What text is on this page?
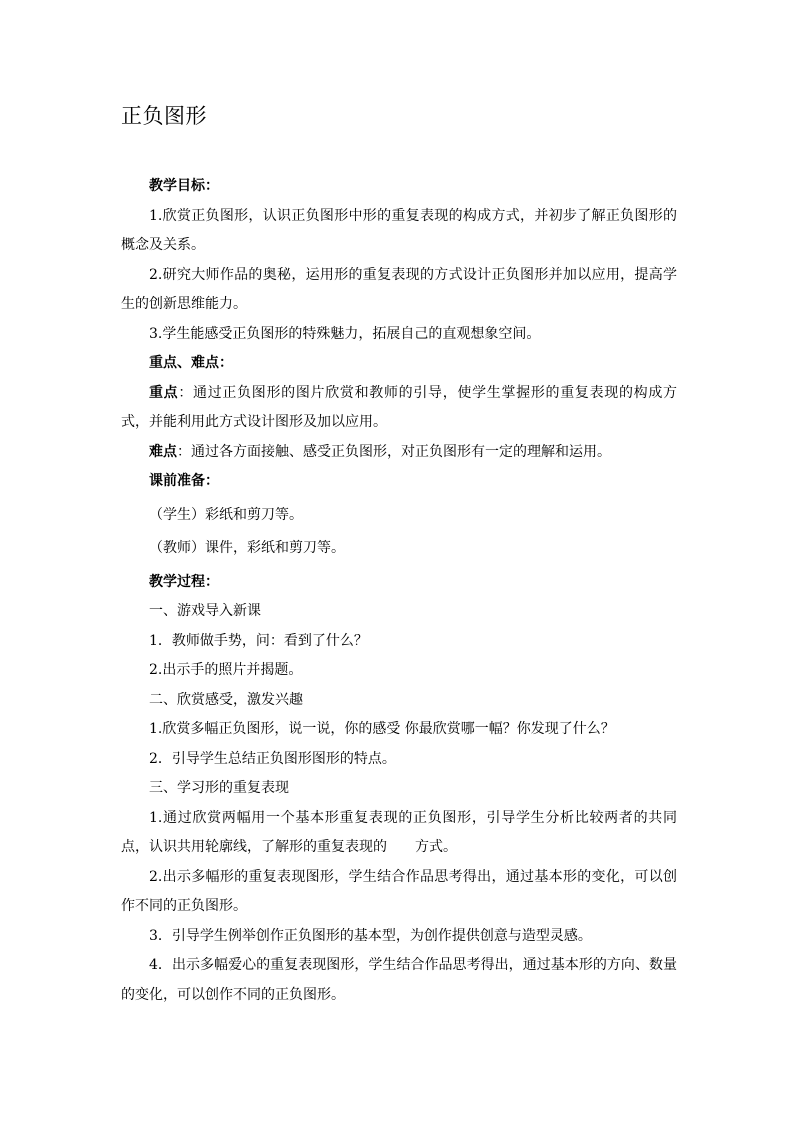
正负图形

教学目标：

1.欣赏正负图形，认识正负图形中形的重复表现的构成方式，并初步了解正负图形的概念及关系。

2.研究大师作品的奥秘，运用形的重复表现的方式设计正负图形并加以应用，提高学生的创新思维能力。

3.学生能感受正负图形的特殊魅力，拓展自己的直观想象空间。

重点、难点：

重点：通过正负图形的图片欣赏和教师的引导，使学生掌握形的重复表现的构成方式，并能利用此方式设计图形及加以应用。

难点：通过各方面接触、感受正负图形，对正负图形有一定的理解和运用。

课前准备：

（学生）彩纸和剪刀等。

（教师）课件，彩纸和剪刀等。

教学过程：

一、游戏导入新课

1．教师做手势，问：看到了什么？

2.出示手的照片并揭题。

二、欣赏感受，激发兴趣

1.欣赏多幅正负图形，说一说，你的感受 你最欣赏哪一幅？你发现了什么？

2．引导学生总结正负图形图形的特点。

三、学习形的重复表现

1.通过欣赏两幅用一个基本形重复表现的正负图形，引导学生分析比较两者的共同点，认识共用轮廓线，了解形的重复表现的　　方式。

2.出示多幅形的重复表现图形，学生结合作品思考得出，通过基本形的变化，可以创作不同的正负图形。

3．引导学生例举创作正负图形的基本型，为创作提供创意与造型灵感。

4．出示多幅爱心的重复表现图形，学生结合作品思考得出，通过基本形的方向、数量的变化，可以创作不同的正负图形。
